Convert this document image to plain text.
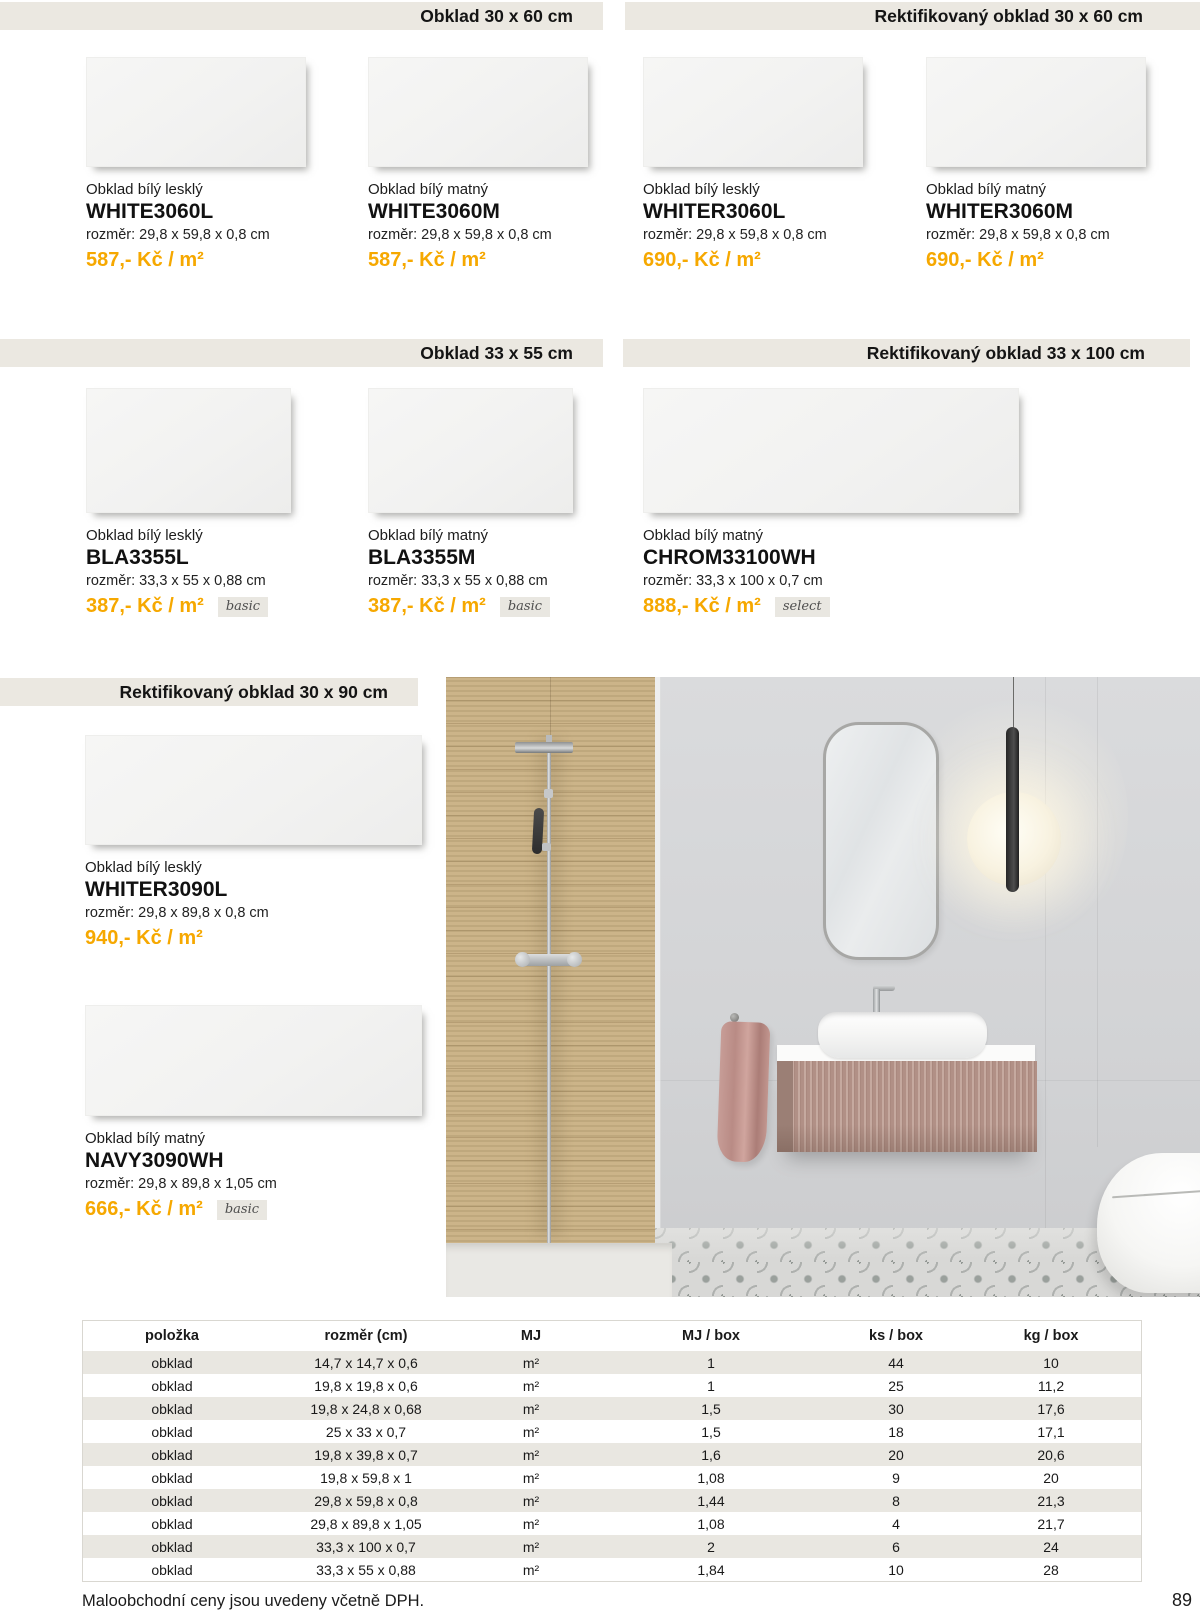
Obklad 30 x 60 cm	Rektifikovaný obklad 30 x 60 cm
Obklad 33 x 55 cm	Rektifikovaný obklad 33 x 100 cm
Rektifikovaný obklad 30 x 90 cm
Obklad bílý lesklý
WHITE3060L
rozměr: 29,8 x 59,8 x 0,8 cm
587,- Kč / m²
Obklad bílý matný
WHITE3060M
rozměr: 29,8 x 59,8 x 0,8 cm
587,- Kč / m²
Obklad bílý lesklý
WHITER3060L
rozměr: 29,8 x 59,8 x 0,8 cm
690,- Kč / m²
Obklad bílý matný
WHITER3060M
rozměr: 29,8 x 59,8 x 0,8 cm
690,- Kč / m²
Obklad bílý lesklý
BLA3355L
rozměr: 33,3 x 55 x 0,88 cm
387,- Kč / m² basic
Obklad bílý matný
BLA3355M
rozměr: 33,3 x 55 x 0,88 cm
387,- Kč / m² basic
Obklad bílý matný
CHROM33100WH
rozměr: 33,3 x 100 x 0,7 cm
888,- Kč / m² select
Obklad bílý lesklý
WHITER3090L
rozměr: 29,8 x 89,8 x 0,8 cm
940,- Kč / m²
Obklad bílý matný
NAVY3090WH
rozměr: 29,8 x 89,8 x 1,05 cm
666,- Kč / m² basic
položka	rozměr (cm)	MJ	MJ / box	ks / box	kg / box
obklad	14,7 x 14,7 x 0,6	m²	1	44	10
obklad	19,8 x 19,8 x 0,6	m²	1	25	11,2
obklad	19,8 x 24,8 x 0,68	m²	1,5	30	17,6
obklad	25 x 33 x 0,7	m²	1,5	18	17,1
obklad	19,8 x 39,8 x 0,7	m²	1,6	20	20,6
obklad	19,8 x 59,8 x 1	m²	1,08	9	20
obklad	29,8 x 59,8 x 0,8	m²	1,44	8	21,3
obklad	29,8 x 89,8 x 1,05	m²	1,08	4	21,7
obklad	33,3 x 100 x 0,7	m²	2	6	24
obklad	33,3 x 55 x 0,88	m²	1,84	10	28
Maloobchodní ceny jsou uvedeny včetně DPH.	89
